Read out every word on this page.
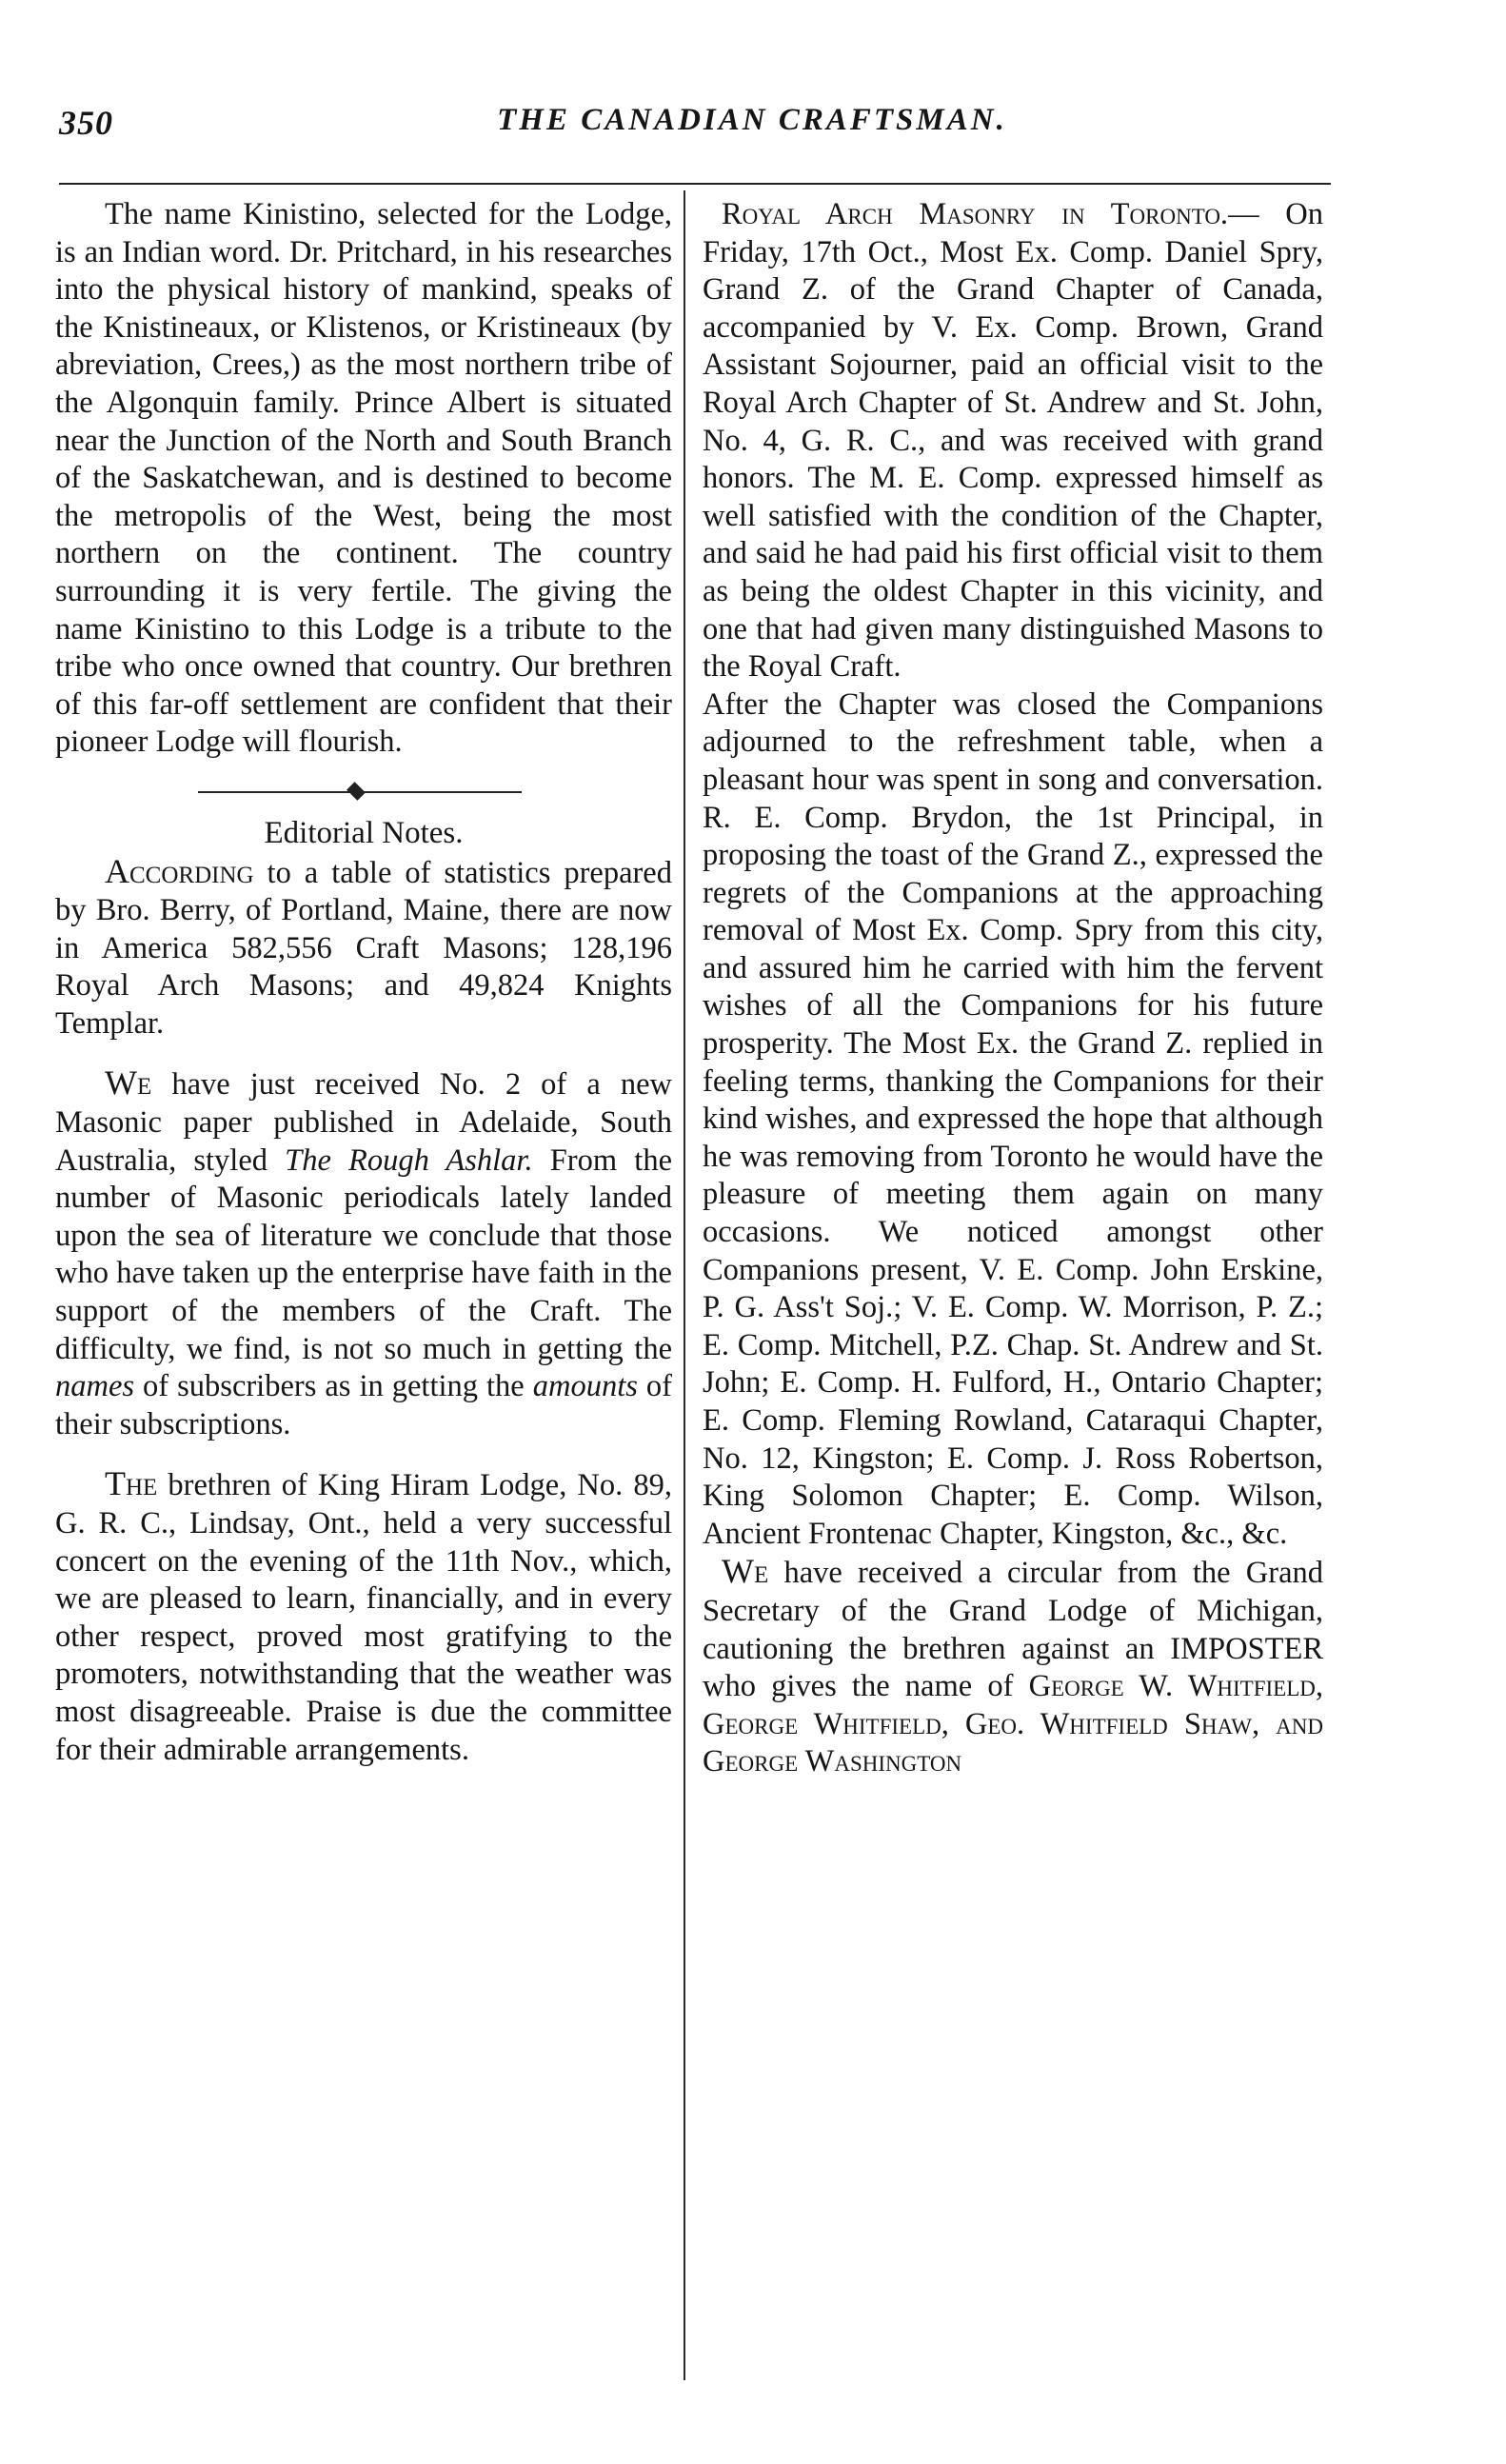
350	THE CANADIAN CRAFTSMAN.

The name Kinistino, selected for the Lodge, is an Indian word. Dr. Pritchard, in his researches into the physical history of mankind, speaks of the Knistineaux, or Klistenos, or Kristineaux (by abreviation, Crees,) as the most northern tribe of the Algonquin family. Prince Albert is situated near the Junction of the North and South Branch of the Saskatchewan, and is destined to become the metropolis of the West, being the most northern on the continent. The country surrounding it is very fertile. The giving the name Kinistino to this Lodge is a tribute to the tribe who once owned that country. Our brethren of this far-off settlement are confident that their pioneer Lodge will flourish.

Editorial Notes.

According to a table of statistics prepared by Bro. Berry, of Portland, Maine, there are now in America 582,556 Craft Masons; 128,196 Royal Arch Masons; and 49,824 Knights Templar.

We have just received No. 2 of a new Masonic paper published in Adelaide, South Australia, styled The Rough Ashlar. From the number of Masonic periodicals lately landed upon the sea of literature we conclude that those who have taken up the enterprise have faith in the support of the members of the Craft. The difficulty, we find, is not so much in getting the names of subscribers as in getting the amounts of their subscriptions.

The brethren of King Hiram Lodge, No. 89, G. R. C., Lindsay, Ont., held a very successful concert on the evening of the 11th Nov., which, we are pleased to learn, financially, and in every other respect, proved most gratifying to the promoters, notwithstanding that the weather was most disagreeable. Praise is due the committee for their admirable arrangements.

Royal Arch Masonry in Toronto.— On Friday, 17th Oct., Most Ex. Comp. Daniel Spry, Grand Z. of the Grand Chapter of Canada, accompanied by V. Ex. Comp. Brown, Grand Assistant Sojourner, paid an official visit to the Royal Arch Chapter of St. Andrew and St. John, No. 4, G. R. C., and was received with grand honors. The M. E. Comp. expressed himself as well satisfied with the condition of the Chapter, and said he had paid his first official visit to them as being the oldest Chapter in this vicinity, and one that had given many distinguished Masons to the Royal Craft.

After the Chapter was closed the Companions adjourned to the refreshment table, when a pleasant hour was spent in song and conversation. R. E. Comp. Brydon, the 1st Principal, in proposing the toast of the Grand Z., expressed the regrets of the Companions at the approaching removal of Most Ex. Comp. Spry from this city, and assured him he carried with him the fervent wishes of all the Companions for his future prosperity. The Most Ex. the Grand Z. replied in feeling terms, thanking the Companions for their kind wishes, and expressed the hope that although he was removing from Toronto he would have the pleasure of meeting them again on many occasions. We noticed amongst other Companions present, V. E. Comp. John Erskine, P. G. Ass't Soj.; V. E. Comp. W. Morrison, P. Z.; E. Comp. Mitchell, P.Z. Chap. St. Andrew and St. John; E. Comp. H. Fulford, H., Ontario Chapter; E. Comp. Fleming Rowland, Cataraqui Chapter, No. 12, Kingston; E. Comp. J. Ross Robertson, King Solomon Chapter; E. Comp. Wilson, Ancient Frontenac Chapter, Kingston, &c., &c.

We have received a circular from the Grand Secretary of the Grand Lodge of Michigan, cautioning the brethren against an IMPOSTER who gives the name of George W. Whitfield, George Whitfield, Geo. Whitfield Shaw, and George Washington
